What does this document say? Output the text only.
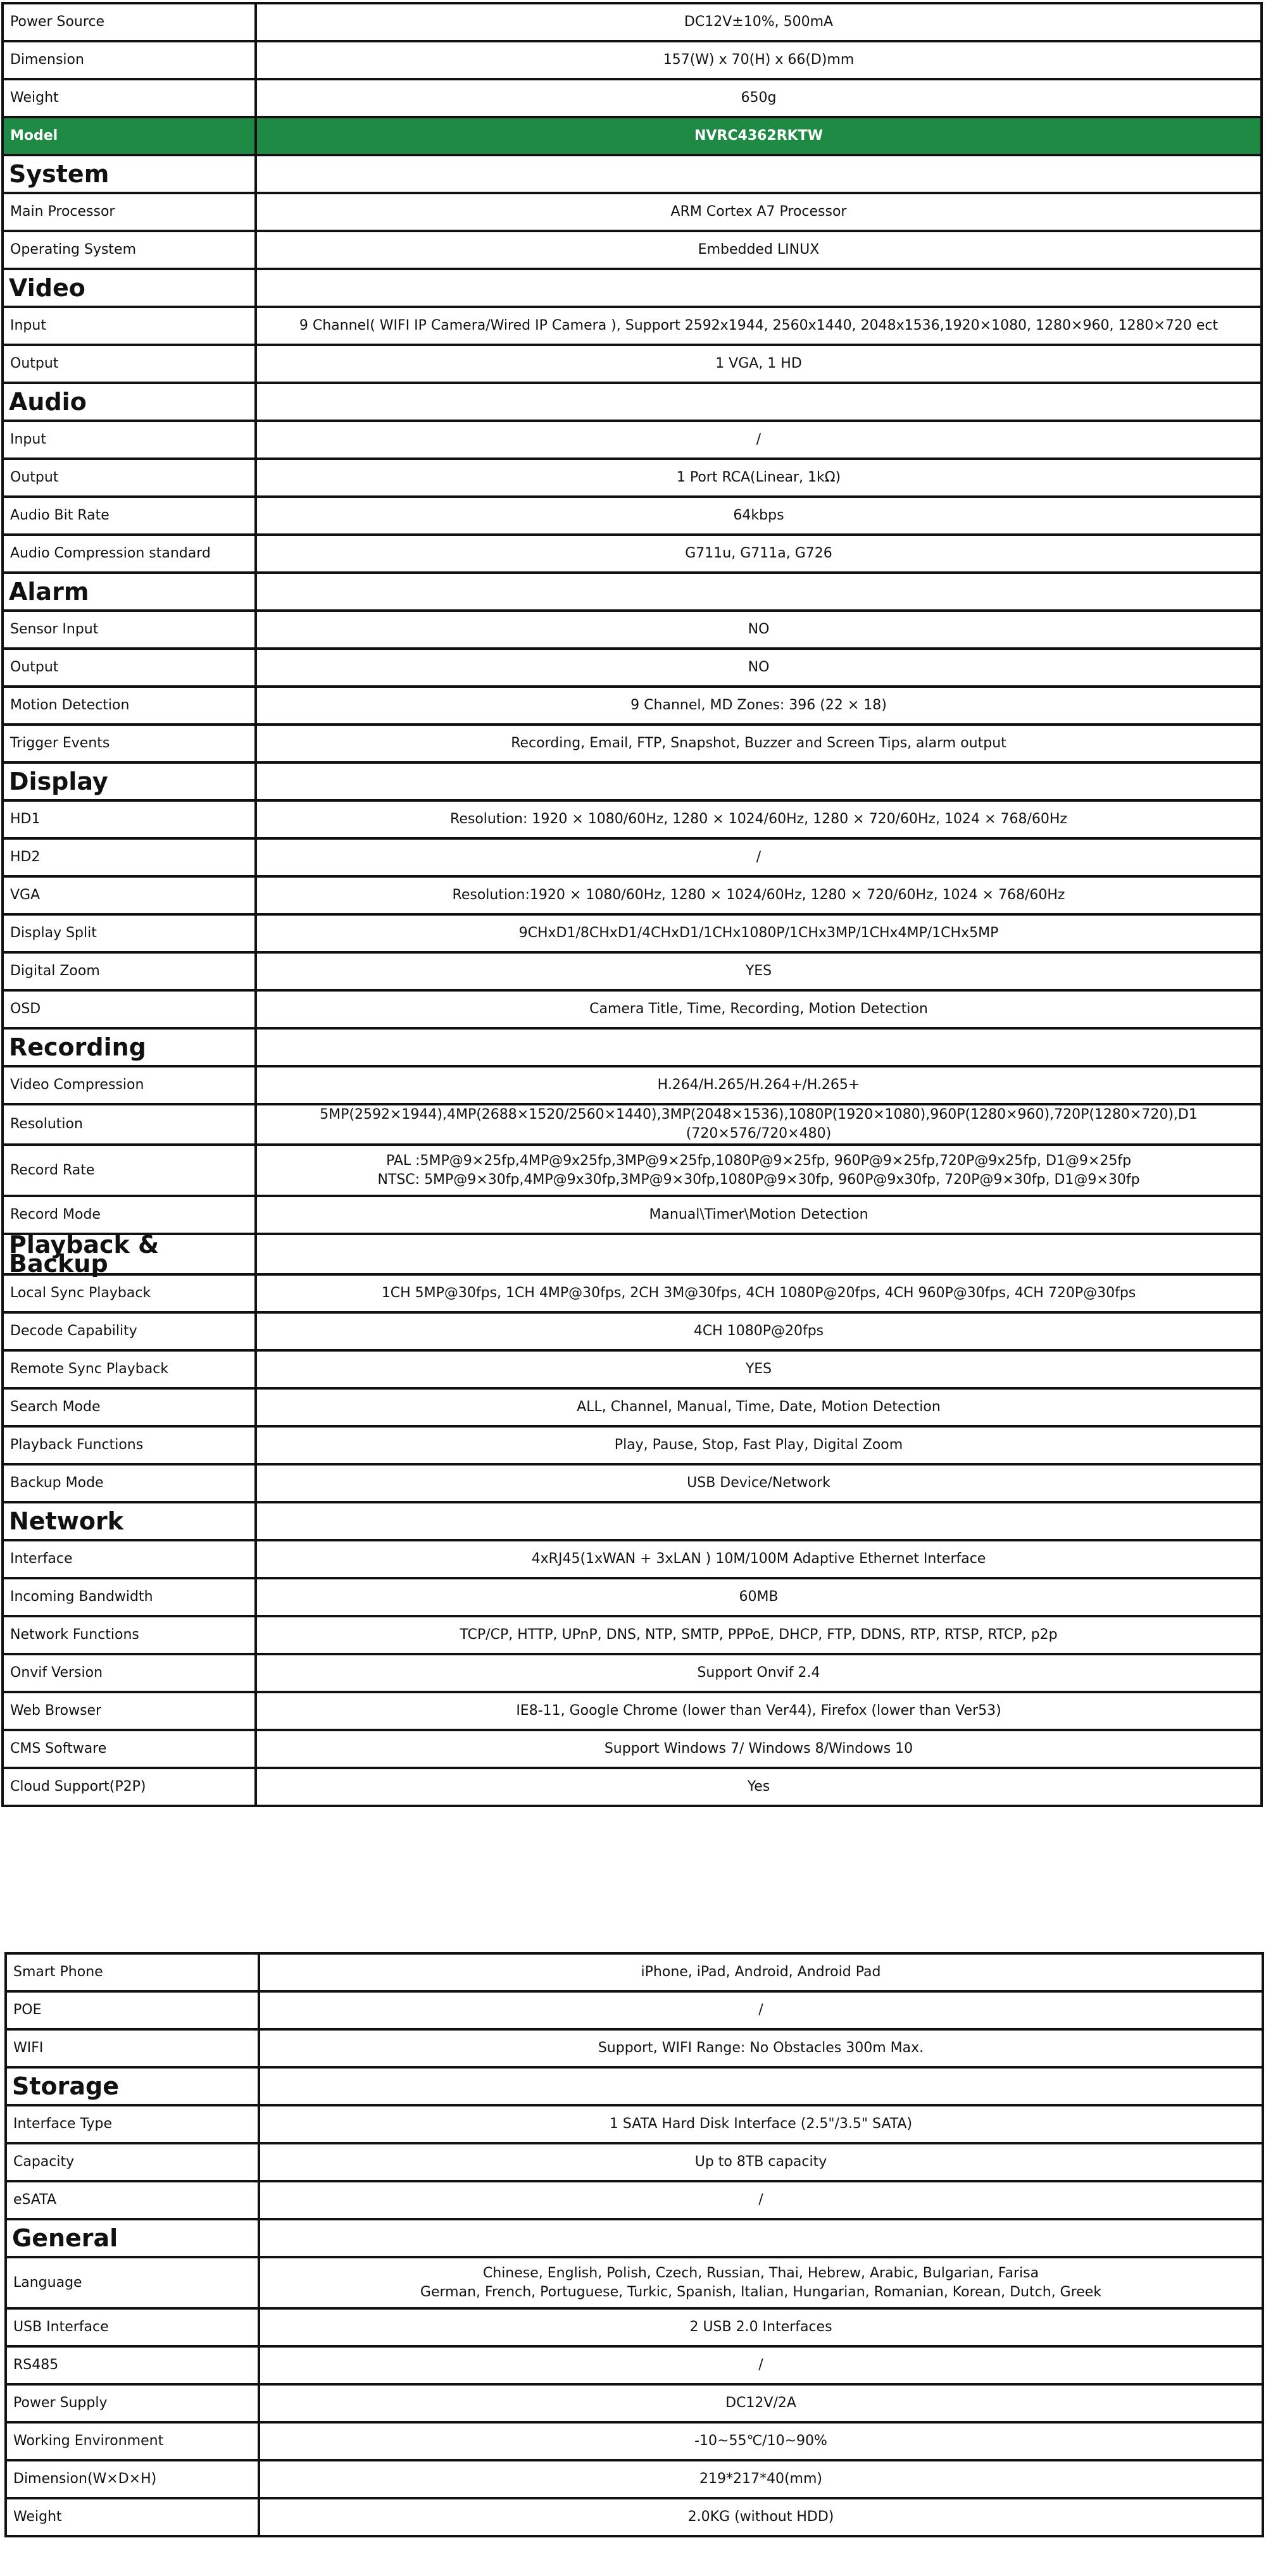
Power Source	DC12V±10%, 500mA
Dimension	157(W) x 70(H) x 66(D)mm
Weight	650g
Model	NVRC4362RKTW
System	
Main Processor	ARM Cortex A7 Processor
Operating System	Embedded LINUX
Video	
Input	9 Channel( WIFI IP Camera/Wired IP Camera ), Support 2592x1944, 2560x1440, 2048x1536,1920×1080, 1280×960, 1280×720 ect
Output	1 VGA, 1 HD
Audio	
Input	/
Output	1 Port RCA(Linear, 1kΩ)
Audio Bit Rate	64kbps
Audio Compression standard	G711u, G711a, G726
Alarm	
Sensor Input	NO
Output	NO
Motion Detection	9 Channel, MD Zones: 396 (22 × 18)
Trigger Events	Recording, Email, FTP, Snapshot, Buzzer and Screen Tips, alarm output
Display	
HD1	Resolution: 1920 × 1080/60Hz, 1280 × 1024/60Hz, 1280 × 720/60Hz, 1024 × 768/60Hz
HD2	/
VGA	Resolution:1920 × 1080/60Hz, 1280 × 1024/60Hz, 1280 × 720/60Hz, 1024 × 768/60Hz
Display Split	9CHxD1/8CHxD1/4CHxD1/1CHx1080P/1CHx3MP/1CHx4MP/1CHx5MP
Digital Zoom	YES
OSD	Camera Title, Time, Recording, Motion Detection
Recording	
Video Compression	H.264/H.265/H.264+/H.265+
Resolution	5MP(2592×1944),4MP(2688×1520/2560×1440),3MP(2048×1536),1080P(1920×1080),960P(1280×960),720P(1280×720),D1 (720×576/720×480)
Record Rate	PAL :5MP@9×25fp,4MP@9x25fp,3MP@9×25fp,1080P@9×25fp, 960P@9×25fp,720P@9x25fp, D1@9×25fp
NTSC: 5MP@9×30fp,4MP@9x30fp,3MP@9×30fp,1080P@9×30fp, 960P@9x30fp, 720P@9×30fp, D1@9×30fp

Record Mode	Manual\Timer\Motion Detection
Playback & Backup	
Local Sync Playback	1CH 5MP@30fps, 1CH 4MP@30fps, 2CH 3M@30fps, 4CH 1080P@20fps, 4CH 960P@30fps, 4CH 720P@30fps
Decode Capability	4CH 1080P@20fps
Remote Sync Playback	YES
Search Mode	ALL, Channel, Manual, Time, Date, Motion Detection
Playback Functions	Play, Pause, Stop, Fast Play, Digital Zoom
Backup Mode	USB Device/Network
Network	
Interface	4xRJ45(1xWAN + 3xLAN ) 10M/100M Adaptive Ethernet Interface
Incoming Bandwidth	60MB
Network Functions	TCP/CP, HTTP, UPnP, DNS, NTP, SMTP, PPPoE, DHCP, FTP, DDNS, RTP, RTSP, RTCP, p2p
Onvif Version	Support Onvif 2.4
Web Browser	IE8-11, Google Chrome (lower than Ver44), Firefox (lower than Ver53)
CMS Software	Support Windows 7/ Windows 8/Windows 10
Cloud Support(P2P)	Yes
Smart Phone	iPhone, iPad, Android, Android Pad
POE	/
WIFI	Support, WIFI Range: No Obstacles 300m Max.
Storage	
Interface Type	1 SATA Hard Disk Interface (2.5"/3.5" SATA)
Capacity	Up to 8TB capacity
eSATA	/
General	
Language	Chinese, English, Polish, Czech, Russian, Thai, Hebrew, Arabic, Bulgarian, Farisa
German, French, Portuguese, Turkic, Spanish, Italian, Hungarian, Romanian, Korean, Dutch, Greek

USB Interface	2 USB 2.0 Interfaces
RS485	/
Power Supply	DC12V/2A
Working Environment	-10~55℃/10~90%
Dimension(W×D×H)	219*217*40(mm)
Weight	2.0KG (without HDD)
